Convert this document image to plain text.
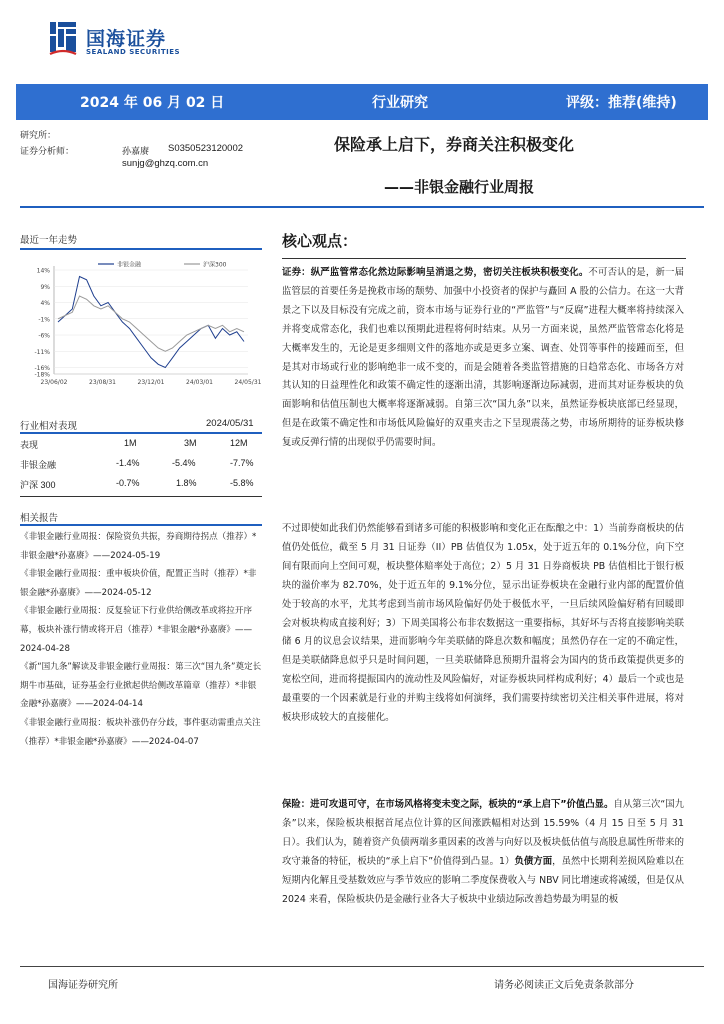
国海证券
SEALAND SECURITIES
2024 年 06 月 02 日	行业研究	评级：推荐(维持)
研究所：
证券分析师：	孙嘉赓 S0350523120002
sunjg@ghzq.com.cn
保险承上启下，券商关注积极变化
——非银金融行业周报
最近一年走势
14%
9%
4%
-1%
-6%
-11%
-16%
-18%
23/06/02	23/08/31	23/12/01	24/03/01	24/05/31
非银金融	沪深300
行业相对表现	2024/05/31
表现	1M	3M	12M
非银金融	-1.4%	-5.4%	-7.7%
沪深 300	-0.7%	1.8%	-5.8%
相关报告

《非银金融行业周报：保险资负共振，券商期待拐点（推荐）*非银金融*孙嘉赓》——2024-05-19

《非银金融行业周报：重申板块价值，配置正当时（推荐）*非银金融*孙嘉赓》——2024-05-12

《非银金融行业周报：反复验证下行业供给侧改革或将拉开序幕，板块补涨行情或将开启（推荐）*非银金融*孙嘉赓》——2024-04-28

《新“国九条”解读及非银金融行业周报：第三次“国九条”奠定长期牛市基础，证券基金行业掀起供给侧改革篇章（推荐）*非银金融*孙嘉赓》——2024-04-14

《非银金融行业周报：板块补涨仍存分歧，事件驱动需重点关注（推荐）*非银金融*孙嘉赓》——2024-04-07

核心观点：
证券：纵严监管常态化然边际影响呈消退之势，密切关注板块积极变化。不可否认的是，新一届监管层的首要任务是挽救市场的颓势、加强中小投资者的保护与矗回 A 股的公信力。在这一大背景之下以及目标没有完成之前，资本市场与证券行业的“严监管”与“反腐”进程大概率将持续深入并将变成常态化，我们也难以预期此进程将何时结束。从另一方面来说，虽然严监管常态化将是大概率发生的，无论是更多细则文件的落地亦或是更多立案、调查、处罚等事件的接踵而至，但是其对市场或行业的影响绝非一成不变的，而是会随着各类监管措施的日趋常态化、市场各方对其认知的日益理性化和政策不确定性的逐渐出清，其影响逐渐边际减弱，进而其对证券板块的负面影响和估值压制也大概率将逐渐减弱。自第三次“国九条”以来，虽然证券板块底部已经显现，但是在政策不确定性和市场低风险偏好的双重夹击之下呈现震荡之势，市场所期待的证券板块修复或反弹行情的出现似乎仍需要时间。
不过即使如此我们仍然能够看到诸多可能的积极影响和变化正在酝酿之中：1）当前券商板块的估值仍处低位，截至 5 月 31 日证券（II）PB 估值仅为 1.05x，处于近五年的 0.1%分位，向下空间有限而向上空间可观，板块整体赔率处于高位；2）5 月 31 日券商板块 PB 估值相比于银行板块的溢价率为 82.70%，处于近五年的 9.1%分位，显示出证券板块在金融行业内部的配置价值处于较高的水平，尤其考虑到当前市场风险偏好仍处于极低水平，一旦后续风险偏好稍有回暖即会对板块构成直接利好；3）下周美国将公布非农数据这一重要指标，其好坏与否将直接影响美联储 6 月的议息会议结果，进而影响今年美联储的降息次数和幅度；虽然仍存在一定的不确定性，但是美联储降息似乎只是时间问题，一旦美联储降息预期升温将会为国内的货币政策提供更多的宽松空间，进而将提振国内的流动性及风险偏好，对证券板块同样构成利好；4）最后一个或也是最重要的一个因素就是行业的并购主线将如何演绎，我们需要持续密切关注相关事件进展，将对板块形成较大的直接催化。
保险：进可攻退可守，在市场风格将变未变之际，板块的“承上启下”价值凸显。自从第三次“国九条”以来，保险板块根据首尾点位计算的区间涨跌幅相对达到 15.59%（4 月 15 日至 5 月 31 日）。我们认为，随着资产负债两端多重因素的改善与向好以及板块低估值与高股息属性所带来的攻守兼备的特征，板块的“承上启下”价值得到凸显。1）负债方面，虽然中长期利差损风险难以在短期内化解且受基数效应与季节效应的影响二季度保费收入与 NBV 同比增速或将减缓，但是仅从 2024 来看，保险板块仍是金融行业各大子板块中业绩边际改善趋势最为明显的板
国海证券研究所	请务必阅读正文后免责条款部分
